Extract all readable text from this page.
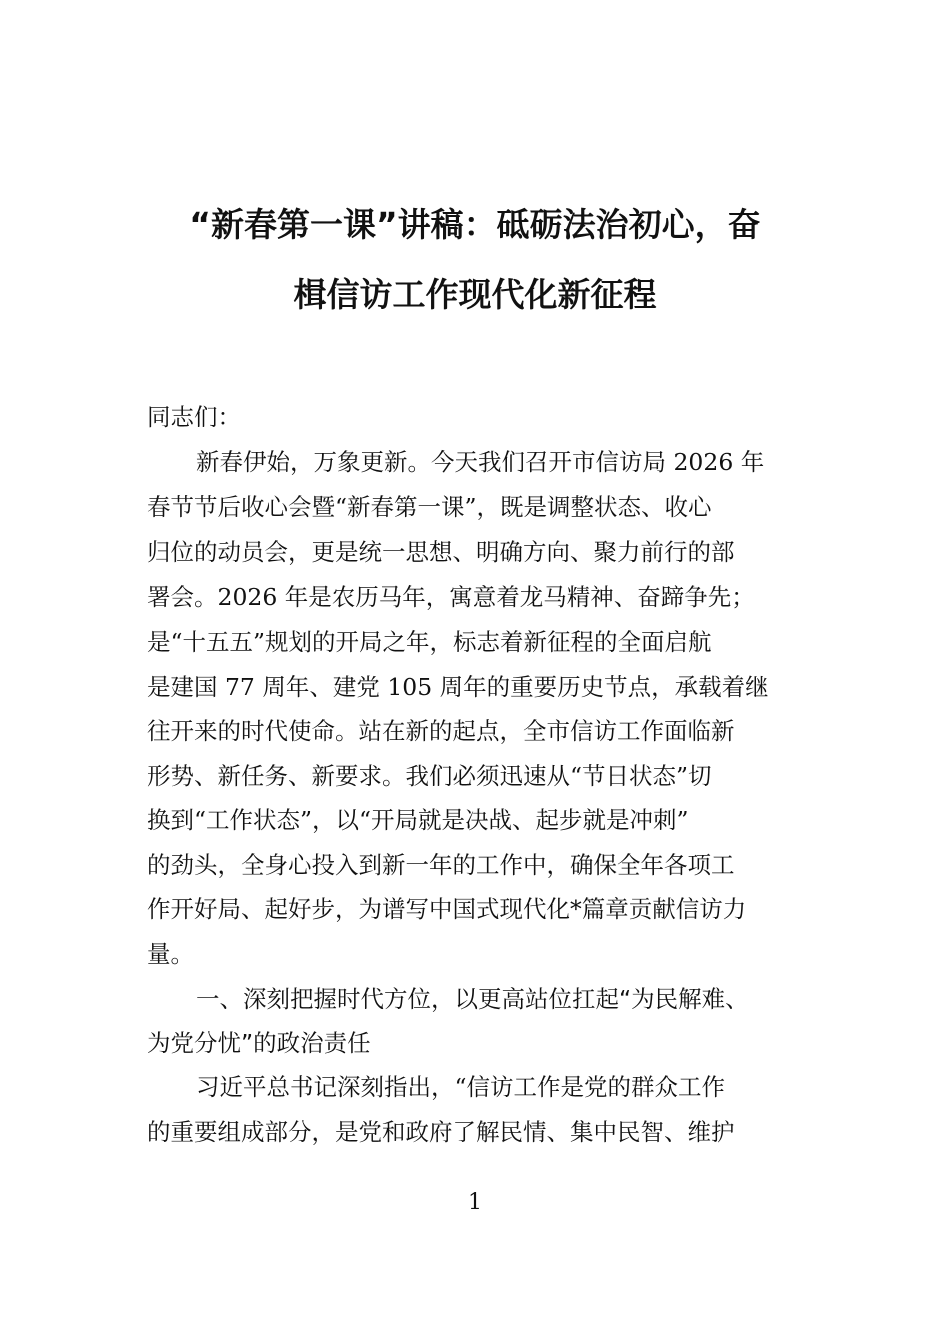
“新春第一课”讲稿：砥砺法治初心，奋
楫信访工作现代化新征程
同志们：
新春伊始，万象更新。今天我们召开市信访局 2026 年
春节节后收心会暨“新春第一课”，既是调整状态、收心
归位的动员会，更是统一思想、明确方向、聚力前行的部
署会。2026 年是农历马年，寓意着龙马精神、奋蹄争先；
是“十五五”规划的开局之年，标志着新征程的全面启航
是建国 77 周年、建党 105 周年的重要历史节点，承载着继
往开来的时代使命。站在新的起点，全市信访工作面临新
形势、新任务、新要求。我们必须迅速从“节日状态”切
换到“工作状态”，以“开局就是决战、起步就是冲刺”
的劲头，全身心投入到新一年的工作中，确保全年各项工
作开好局、起好步，为谱写中国式现代化*篇章贡献信访力
量。
一、深刻把握时代方位，以更高站位扛起“为民解难、
为党分忧”的政治责任
习近平总书记深刻指出，“信访工作是党的群众工作
的重要组成部分，是党和政府了解民情、集中民智、维护
1
